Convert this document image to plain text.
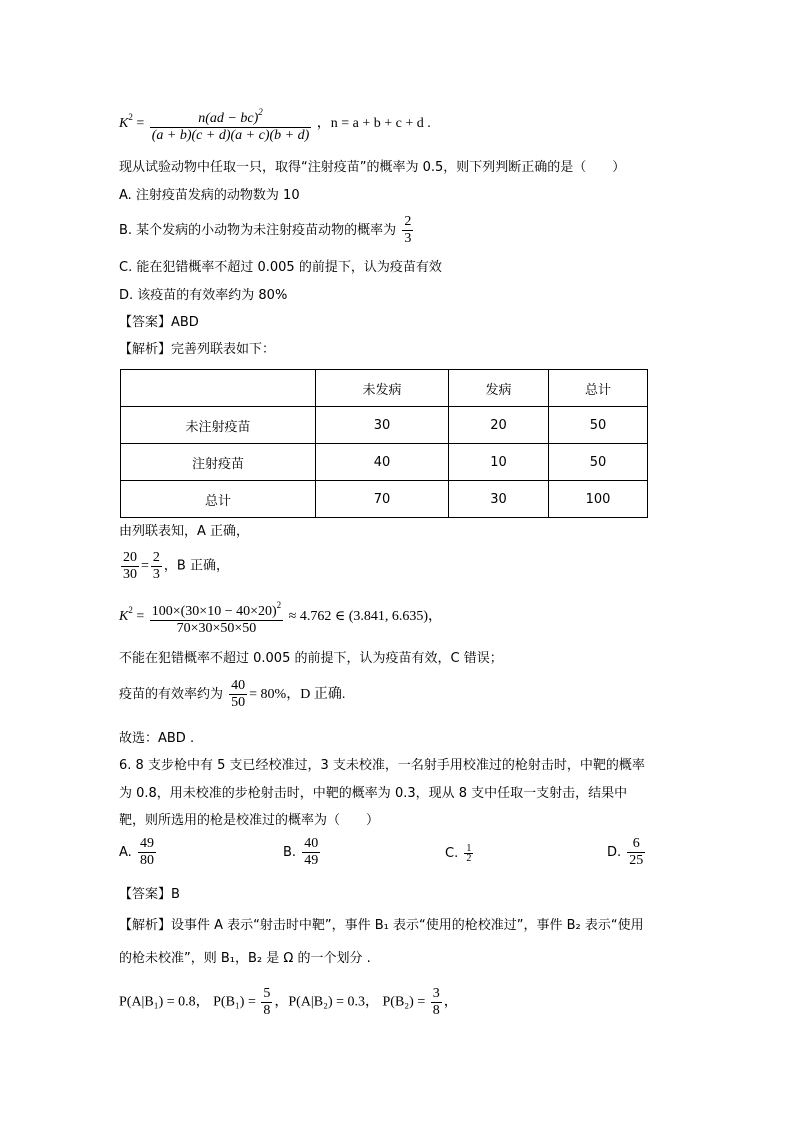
$K^2 = \frac{n(ad - bc)^2}{(a + b)(c + d)(a + c)(b + d)}$ ，n = a + b + c + d .
现从试验动物中任取一只，取得“注射疫苗”的概率为 0.5，则下列判断正确的是（　　）
A. 注射疫苗发病的动物数为 10
B. 某个发病的小动物为未注射疫苗动物的概率为 $\frac{2}{3}$
C. 能在犯错概率不超过 0.005 的前提下，认为疫苗有效
D. 该疫苗的有效率约为 80%
【答案】ABD
【解析】完善列联表如下：
	未发病	发病	总计
未注射疫苗	30	20	50
注射疫苗	40	10	50
总计	70	30	100
由列联表知，A 正确，
$\frac{20}{30} = \frac{2}{3}$ ，B 正确，
$K^2 = \frac{100\times(30\times 10 - 40\times 20)^2}{70\times 30\times 50\times 50} \approx 4.762$ ∈ (3.841, 6.635)，
不能在犯错概率不超过 0.005 的前提下，认为疫苗有效，C 错误；
疫苗的有效率约为 $\frac{40}{50} = 80\%$，D 正确.
故选：ABD .
6. 8 支步枪中有 5 支已经校准过，3 支未校准，一名射手用校准过的枪射击时，中靶的概率
为 0.8，用未校准的步枪射击时，中靶的概率为 0.3，现从 8 支中任取一支射击，结果中
靶，则所选用的枪是校准过的概率为（　　）
A. $\frac{49}{80}$	B. $\frac{40}{49}$	C. $\frac{1}{2}$	D. $\frac{6}{25}$
【答案】B
【解析】设事件 A 表示“射击时中靶”，事件 B₁ 表示“使用的枪校准过”，事件 B₂ 表示“使用
的枪未校准”，则 B₁，B₂ 是 Ω 的一个划分 .
P(A|B₁) = 0.8， $P(B_1) = \frac{5}{8}$ ，P(A|B₂) = 0.3， $P(B_2) = \frac{3}{8}$ ，
